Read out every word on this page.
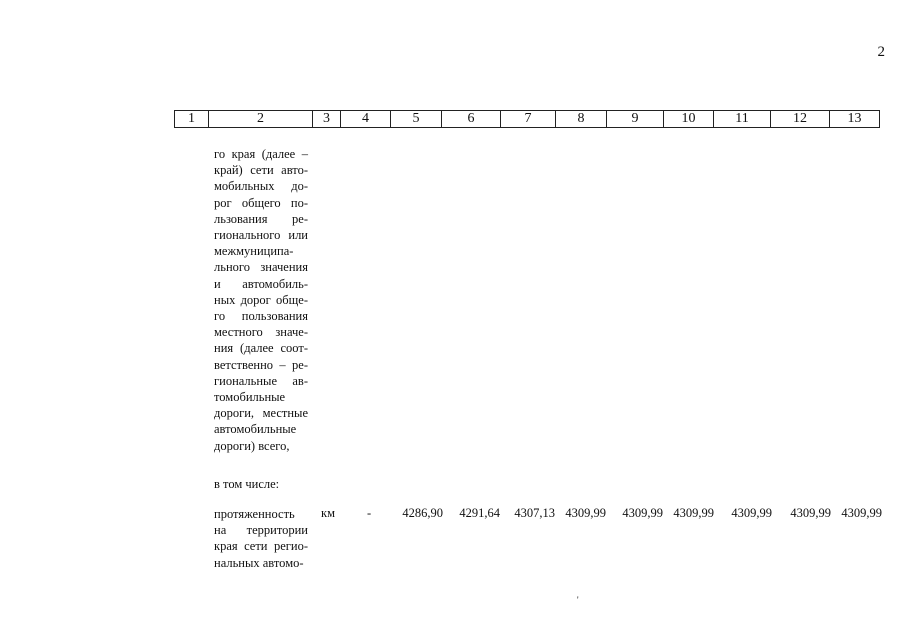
2
1	2	3	4	5	6	7	8	9	10	11	12	13
го края (далее –
край) сети авто-
мобильных до-
рог общего по-
льзования ре-
гионального или
межмуниципа-
льного значения
и автомобиль-
ных дорог обще-
го пользования
местного значе-
ния (далее соот-
ветственно – ре-
гиональные ав-
томобильные
дороги, местные
автомобильные
дороги) всего,
в том числе:
протяженность
на территории
края сети регио-
нальных автомо-
км	-	4286,90	4291,64	4307,13 4309,99	4309,99 4309,99	4309,99	4309,99 4309,99
'
